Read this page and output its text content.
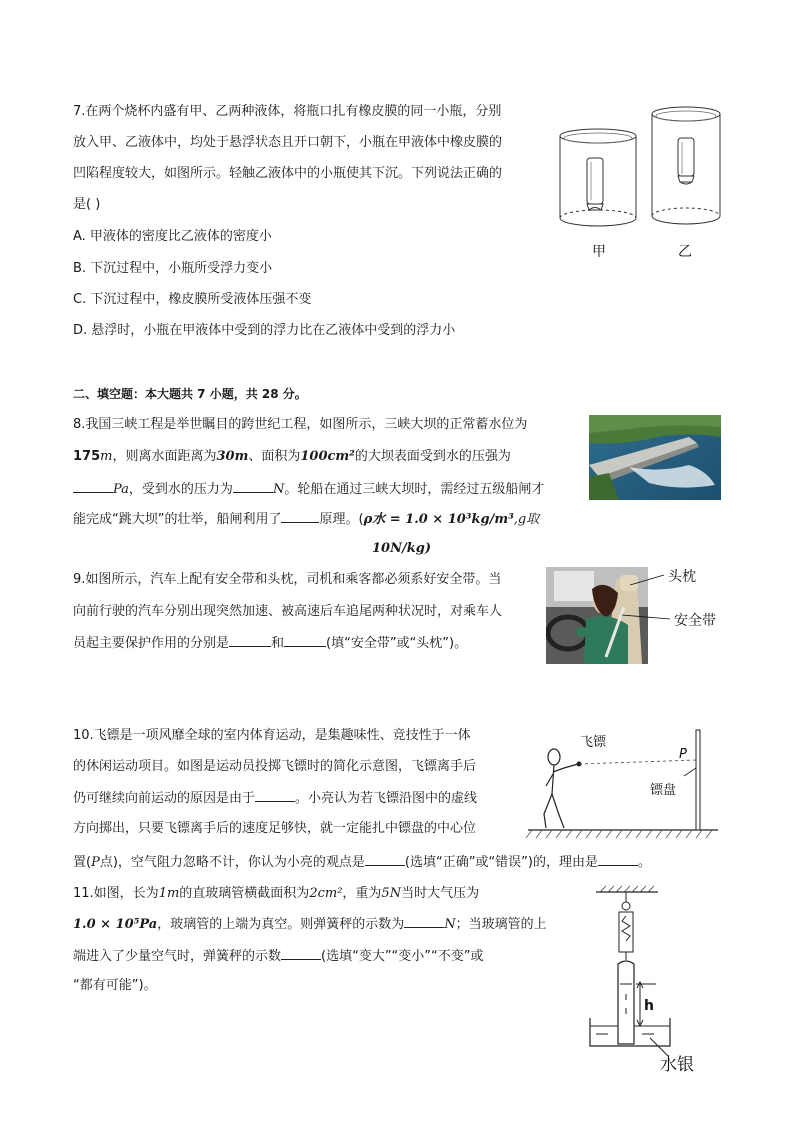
7.在两个烧杯内盛有甲、乙两种液体，将瓶口扎有橡皮膜的同一小瓶，分别
放入甲、乙液体中，均处于悬浮状态且开口朝下，小瓶在甲液体中橡皮膜的
凹陷程度较大，如图所示。轻触乙液体中的小瓶使其下沉。下列说法正确的
是( )
A. 甲液体的密度比乙液体的密度小
B. 下沉过程中，小瓶所受浮力变小
C. 下沉过程中，橡皮膜所受液体压强不变
D. 悬浮时，小瓶在甲液体中受到的浮力比在乙液体中受到的浮力小
甲	乙
二、填空题：本大题共 7 小题，共 28 分。
8.我国三峡工程是举世瞩目的跨世纪工程，如图所示，三峡大坝的正常蓄水位为
175m，则离水面距离为30m、面积为100cm²的大坝表面受到水的压强为
Pa，受到水的压力为	N。轮船在通过三峡大坝时，需经过五级船闸才
能完成“跳大坝”的壮举，船闸利用了	原理。(ρ水 = 1.0 × 10³kg/m³,g取
10N/kg)
9.如图所示，汽车上配有安全带和头枕，司机和乘客都必须系好安全带。当
向前行驶的汽车分别出现突然加速、被高速后车追尾两种状况时，对乘车人
员起主要保护作用的分别是	和	(填“安全带”或“头枕”)。
头枕
安全带
10.飞镖是一项风靡全球的室内体育运动，是集趣味性、竞技性于一体
的休闲运动项目。如图是运动员投掷飞镖时的简化示意图，飞镖离手后
仍可继续向前运动的原因是由于	。小亮认为若飞镖沿图中的虚线
方向掷出，只要飞镖离手后的速度足够快，就一定能扎中镖盘的中心位
置(P点)，空气阻力忽略不计，你认为小亮的观点是	(选填“正确”或“错误”)的，理由是	。
飞镖
P
镖盘
11.如图，长为1m的直玻璃管横截面积为2cm²，重为5N当时大气压为
1.0 × 10⁵Pa，玻璃管的上端为真空。则弹簧秤的示数为	N；当玻璃管的上
端进入了少量空气时，弹簧秤的示数	(选填“变大”“变小”“不变”或
“都有可能”)。
h
水银
